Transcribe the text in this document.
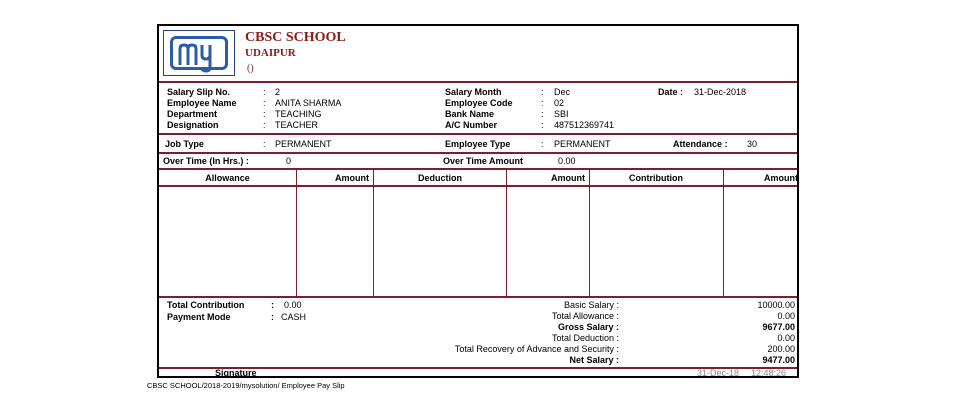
CBSC SCHOOL
UDAIPUR
()
Salary Slip No.	: 2
Employee Name	: ANITA SHARMA
Department	: TEACHING
Designation	: TEACHER
Salary Month	: Dec
Employee Code	: 02
Bank Name	: SBI
A/C Number	: 487512369741
Date : 31-Dec-2018
Job Type	: PERMANENT	Employee Type	: PERMANENT	Attendance : 30
Over Time (In Hrs.) :	0	Over Time Amount	0.00
Allowance	Amount	Deduction	Amount	Contribution	Amount
Total Contribution	: 0.00
Payment Mode	: CASH
Basic Salary :	10000.00
Total Allowance :	0.00
Gross Salary :	9677.00
Total Deduction :	0.00
Total Recovery of Advance and Security :	200.00
Net Salary :	9477.00
Signature	31-Dec-18 12:48:26
CBSC SCHOOL/2018-2019/mysolution/ Employee Pay Slip
